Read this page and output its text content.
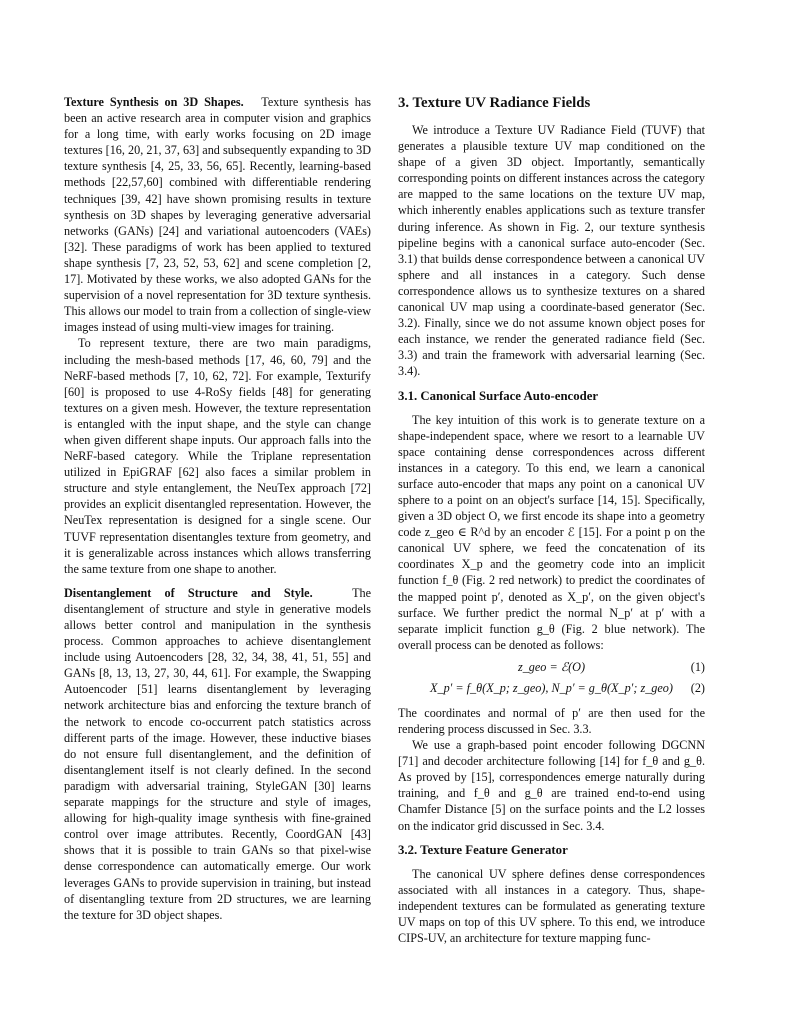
Texture Synthesis on 3D Shapes. Texture synthesis has been an active research area in computer vision and graphics for a long time, with early works focusing on 2D image textures [16, 20, 21, 37, 63] and subsequently expanding to 3D texture synthesis [4, 25, 33, 56, 65]. Recently, learning-based methods [22,57,60] combined with differentiable rendering techniques [39, 42] have shown promising results in texture synthesis on 3D shapes by leveraging generative adversarial networks (GANs) [24] and variational autoencoders (VAEs) [32]. These paradigms of work has been applied to textured shape synthesis [7, 23, 52, 53, 62] and scene completion [2, 17]. Motivated by these works, we also adopted GANs for the supervision of a novel representation for 3D texture synthesis. This allows our model to train from a collection of single-view images instead of using multi-view images for training.

To represent texture, there are two main paradigms, including the mesh-based methods [17, 46, 60, 79] and the NeRF-based methods [7, 10, 62, 72]. For example, Texturify [60] is proposed to use 4-RoSy fields [48] for generating textures on a given mesh. However, the texture representation is entangled with the input shape, and the style can change when given different shape inputs. Our approach falls into the NeRF-based category. While the Triplane representation utilized in EpiGRAF [62] also faces a similar problem in structure and style entanglement, the NeuTex approach [72] provides an explicit disentangled representation. However, the NeuTex representation is designed for a single scene. Our TUVF representation disentangles texture from geometry, and it is generalizable across instances which allows transferring the same texture from one shape to another.

Disentanglement of Structure and Style.	The disentanglement of structure and style in generative models allows better control and manipulation in the synthesis process. Common approaches to achieve disentanglement include using Autoencoders [28, 32, 34, 38, 41, 51, 55] and GANs [8, 13, 13, 27, 30, 44, 61]. For example, the Swapping Autoencoder [51] learns disentanglement by leveraging network architecture bias and enforcing the texture branch of the network to encode co-occurrent patch statistics across different parts of the image. However, these inductive biases do not ensure full disentanglement, and the definition of disentanglement itself is not clearly defined. In the second paradigm with adversarial training, StyleGAN [30] learns separate mappings for the structure and style of images, allowing for high-quality image synthesis with fine-grained control over image attributes. Recently, CoordGAN [43] shows that it is possible to train GANs so that pixel-wise dense correspondence can automatically emerge. Our work leverages GANs to provide supervision in training, but instead of disentangling texture from 2D structures, we are learning the texture for 3D object shapes.

3. Texture UV Radiance Fields

We introduce a Texture UV Radiance Field (TUVF) that generates a plausible texture UV map conditioned on the shape of a given 3D object. Importantly, semantically corresponding points on different instances across the category are mapped to the same locations on the texture UV map, which inherently enables applications such as texture transfer during inference. As shown in Fig. 2, our texture synthesis pipeline begins with a canonical surface auto-encoder (Sec. 3.1) that builds dense correspondence between a canonical UV sphere and all instances in a category. Such dense correspondence allows us to synthesize textures on a shared canonical UV map using a coordinate-based generator (Sec. 3.2). Finally, since we do not assume known object poses for each instance, we render the generated radiance field (Sec. 3.3) and train the framework with adversarial learning (Sec. 3.4).

3.1. Canonical Surface Auto-encoder

The key intuition of this work is to generate texture on a shape-independent space, where we resort to a learnable UV space containing dense correspondences across different instances in a category. To this end, we learn a canonical surface auto-encoder that maps any point on a canonical UV sphere to a point on an object's surface [14, 15]. Specifically, given a 3D object O, we first encode its shape into a geometry code z_geo ∈ R^d by an encoder ℰ [15]. For a point p on the canonical UV sphere, we feed the concatenation of its coordinates X_p and the geometry code into an implicit function f_θ (Fig. 2 red network) to predict the coordinates of the mapped point p′, denoted as X_p′, on the given object's surface. We further predict the normal N_p′ at p′ with a separate implicit function g_θ (Fig. 2 blue network). The overall process can be denoted as follows:

z_geo = ℰ(O)	(1)
X_p′ = f_θ(X_p; z_geo), N_p′ = g_θ(X_p′; z_geo) (2)

The coordinates and normal of p′ are then used for the rendering process discussed in Sec. 3.3.

We use a graph-based point encoder following DGCNN [71] and decoder architecture following [14] for f_θ and g_θ. As proved by [15], correspondences emerge naturally during training, and f_θ and g_θ are trained end-to-end using Chamfer Distance [5] on the surface points and the L2 losses on the indicator grid discussed in Sec. 3.4.

3.2. Texture Feature Generator

The canonical UV sphere defines dense correspondences associated with all instances in a category. Thus, shape-independent textures can be formulated as generating texture UV maps on top of this UV sphere. To this end, we introduce CIPS-UV, an architecture for texture mapping func-
